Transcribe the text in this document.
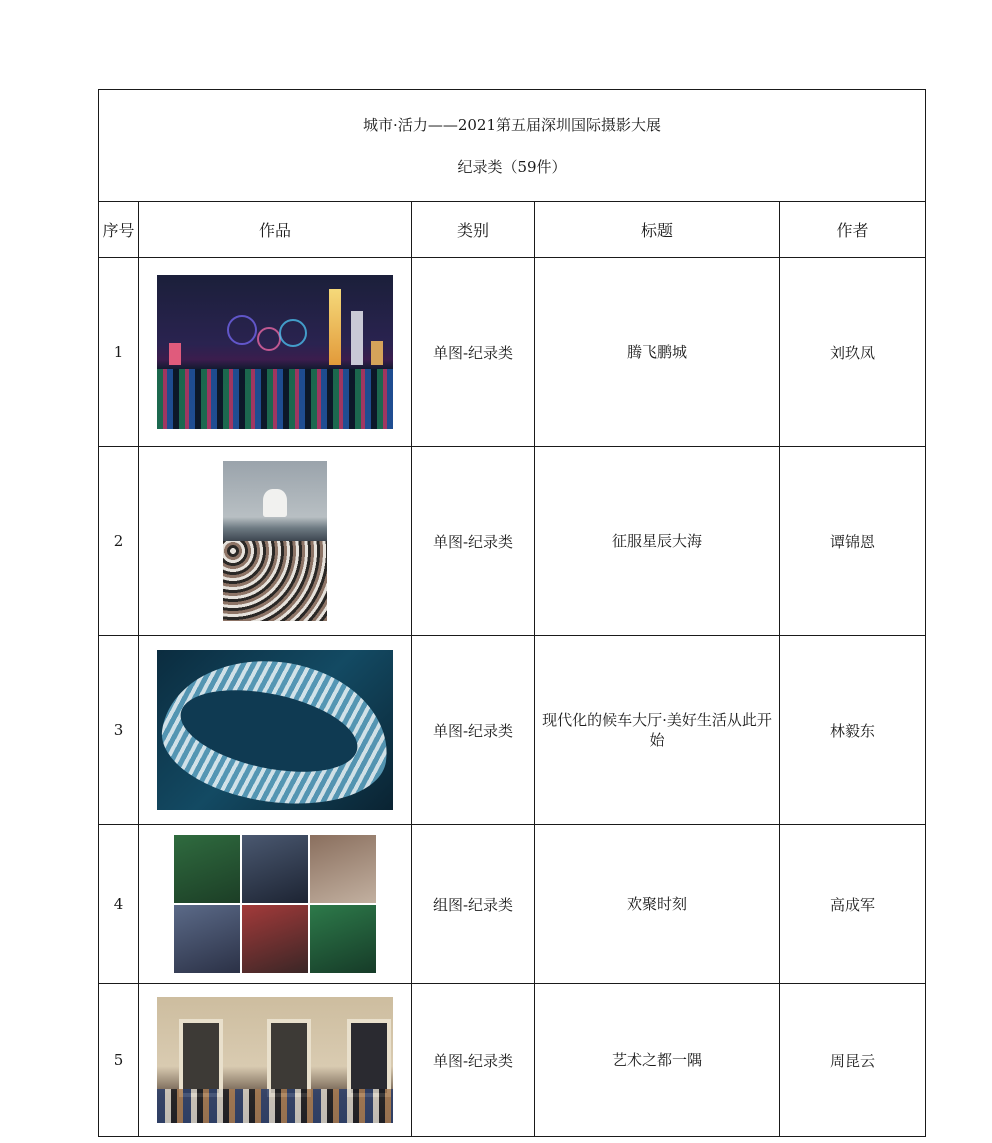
城市·活力——2021第五届深圳国际摄影大展
纪录类（59件）				

序号	作品	类别	标题	作者
1		单图-纪录类	腾飞鹏城	刘玖凤
2		单图-纪录类	征服星辰大海	谭锦恩
3		单图-纪录类	现代化的候车大厅·美好生活从此开始	林毅东
4		组图-纪录类	欢聚时刻	高成军
5		单图-纪录类	艺术之都一隅	周昆云
